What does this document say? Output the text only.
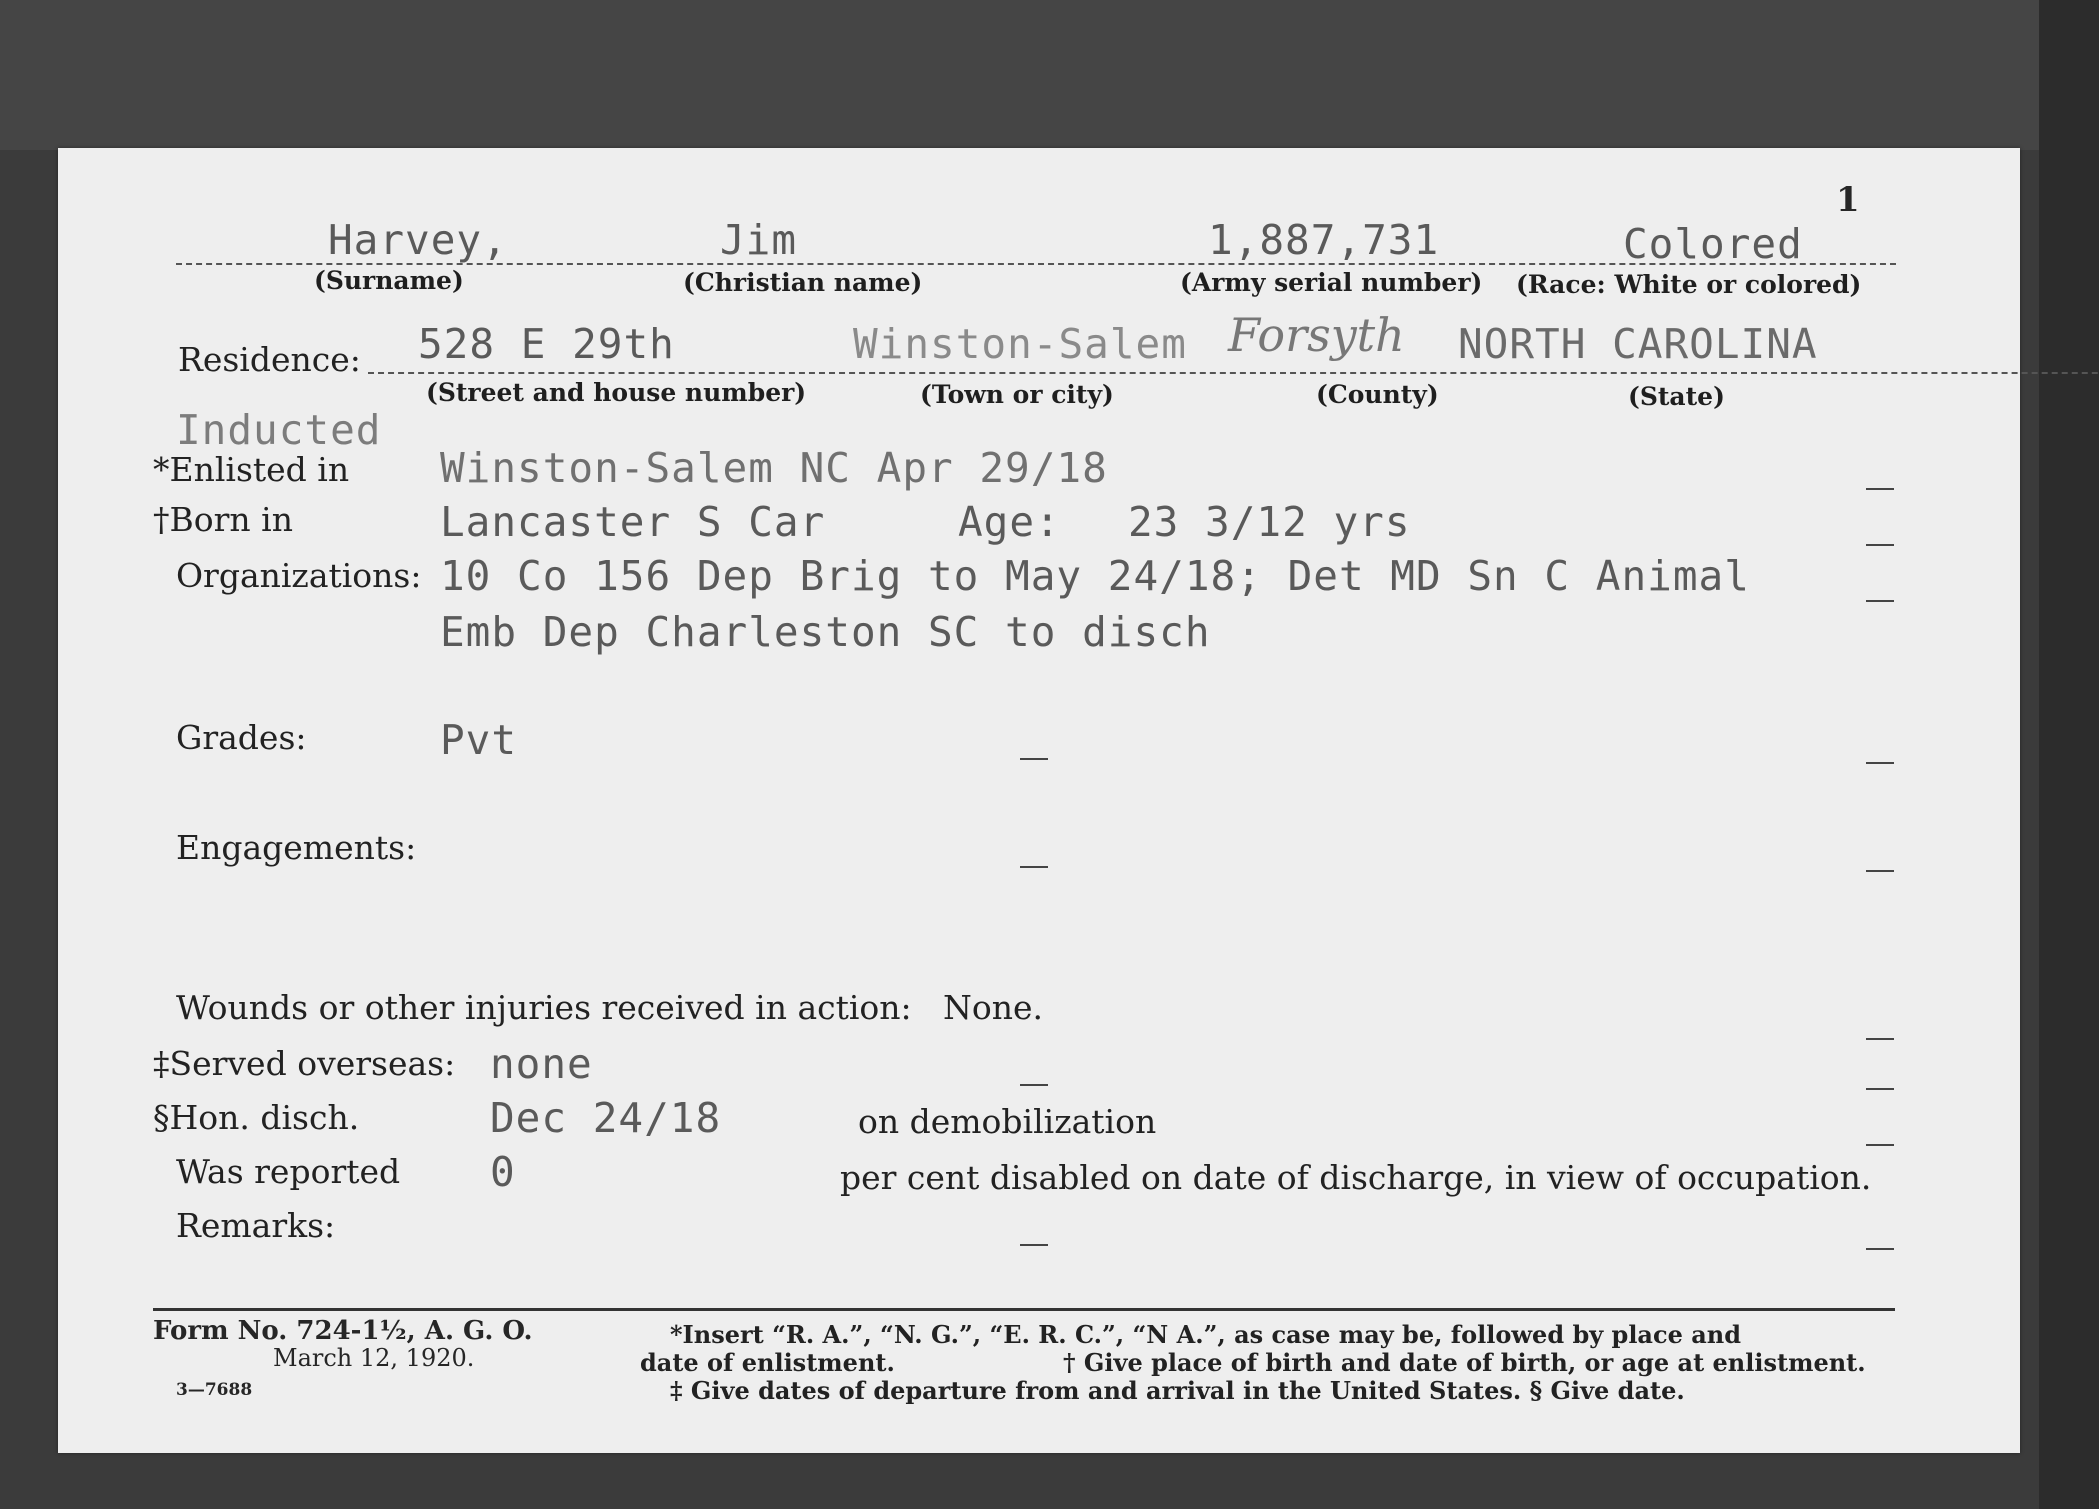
1
Harvey,	Jim	1,887,731	Colored
(Surname)	(Christian name)	(Army serial number) (Race: White or colored)
Residence: 528 E 29th	Winston-Salem Forsyth NORTH CAROLINA
(Street and house number)	(Town or city)	(County)	(State)
Inducted
*Enlisted in Winston-Salem NC Apr 29/18
†Born in	Lancaster S Car	Age: 23 3/12 yrs
Organizations: 10 Co 156 Dep Brig to May 24/18; Det MD Sn C Animal
Emb Dep Charleston SC to disch
Grades:	Pvt
Engagements:
Wounds or other injuries received in action: None.
‡Served overseas: none
§Hon. disch.	Dec 24/18	on demobilization
Was reported 0	per cent disabled on date of discharge, in view of occupation.
Remarks:
Form No. 724-1½, A. G. O.
March 12, 1920.
3—7688
*Insert “R. A.”, “N. G.”, “E. R. C.”, “N A.”, as case may be, followed by place and
date of enlistment.	† Give place of birth and date of birth, or age at enlistment.
‡ Give dates of departure from and arrival in the United States. § Give date.
